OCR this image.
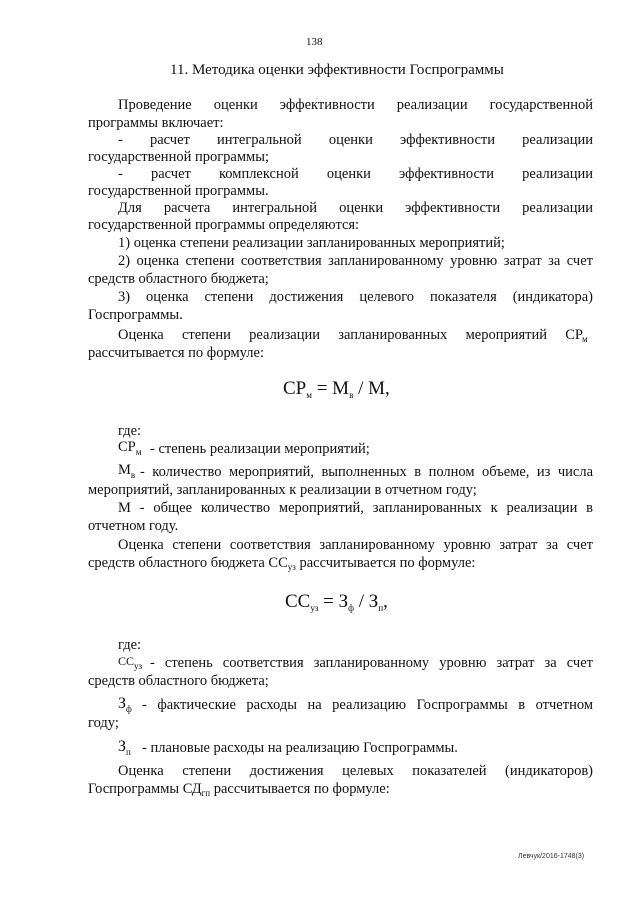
138
11. Методика оценки эффективности Госпрограммы
Проведение оценки эффективности реализации государственной
программы включает:
- расчет интегральной оценки эффективности реализации
государственной программы;
- расчет комплексной оценки эффективности реализации
государственной программы.
Для расчета интегральной оценки эффективности реализации
государственной программы определяются:
1) оценка степени реализации запланированных мероприятий;
2) оценка степени соответствия запланированному уровню затрат за счет
средств областного бюджета;
3) оценка степени достижения целевого показателя (индикатора)
Госпрограммы.
Оценка степени реализации запланированных мероприятий СР м
рассчитывается по формуле:
$СР_м = М_в / М$,
где:
$СР_м$ - степень реализации мероприятий;
$М_в$ - количество мероприятий, выполненных в полном объеме, из числа
мероприятий, запланированных к реализации в отчетном году;
М - общее количество мероприятий, запланированных к реализации в
отчетном году.
Оценка степени соответствия запланированному уровню затрат за счет
средств областного бюджета $СС_{уз}$ рассчитывается по формуле:
$СС_{уз} = З_ф / З_п$,
где:
$СС_{уз}$ - степень соответствия запланированному уровню затрат за счет
средств областного бюджета;
$З_ф$ - фактические расходы на реализацию Госпрограммы в отчетном
году;
$З_п$ - плановые расходы на реализацию Госпрограммы.
Оценка степени достижения целевых показателей (индикаторов)
Госпрограммы $СД_{гп}$ рассчитывается по формуле:
Левчук/2016-1748(3)
